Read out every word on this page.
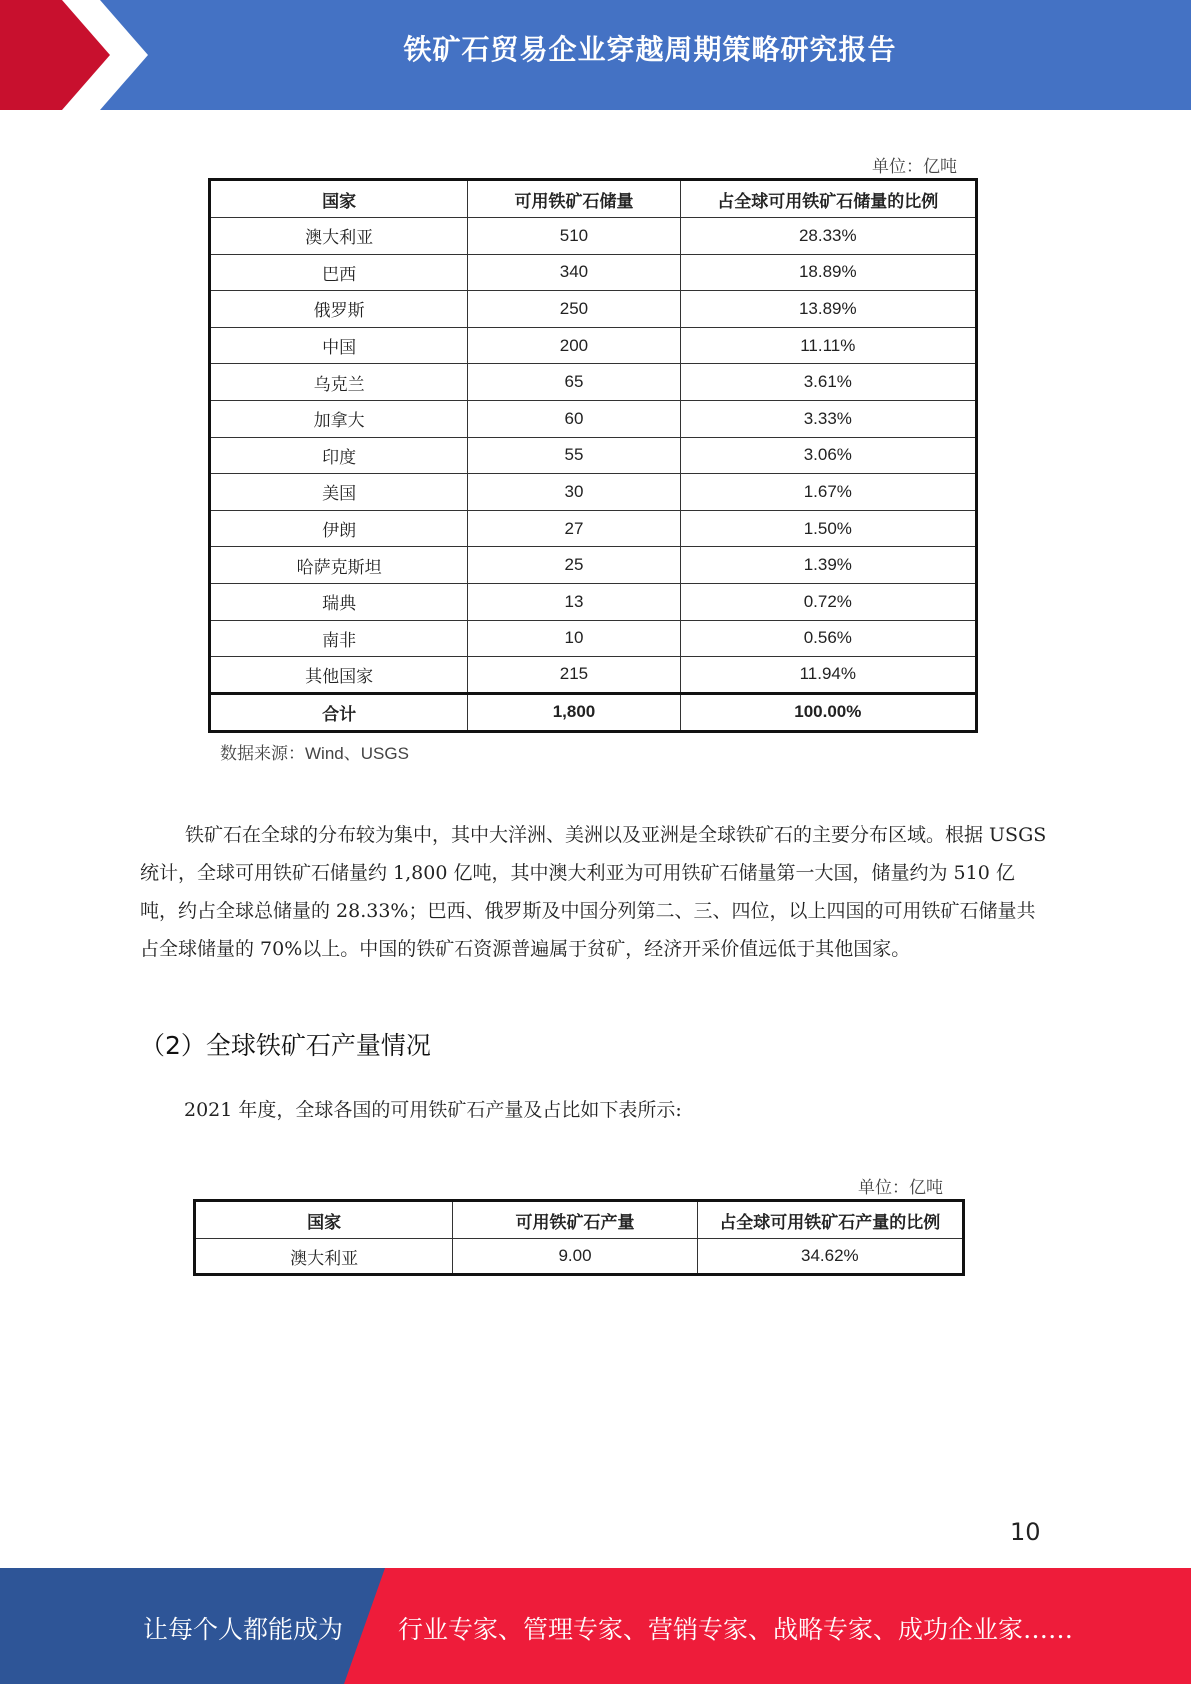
铁矿石贸易企业穿越周期策略研究报告
单位：亿吨
国家	可用铁矿石储量	占全球可用铁矿石储量的比例
澳大利亚	510	28.33%
巴西	340	18.89%
俄罗斯	250	13.89%
中国	200	11.11%
乌克兰	65	3.61%
加拿大	60	3.33%
印度	55	3.06%
美国	30	1.67%
伊朗	27	1.50%
哈萨克斯坦	25	1.39%
瑞典	13	0.72%
南非	10	0.56%
其他国家	215	11.94%
合计	1,800	100.00%
数据来源：Wind、USGS

铁矿石在全球的分布较为集中，其中大洋洲、美洲以及亚洲是全球铁矿石的主要分布区域。根据 USGS 统计，全球可用铁矿石储量约 1,800 亿吨，其中澳大利亚为可用铁矿石储量第一大国，储量约为 510 亿吨，约占全球总储量的 28.33%；巴西、俄罗斯及中国分列第二、三、四位，以上四国的可用铁矿石储量共占全球储量的 70%以上。中国的铁矿石资源普遍属于贫矿，经济开采价值远低于其他国家。

（2）全球铁矿石产量情况

2021 年度，全球各国的可用铁矿石产量及占比如下表所示:

单位：亿吨
国家	可用铁矿石产量	占全球可用铁矿石产量的比例
澳大利亚	9.00	34.62%
10
让每个人都能成为 行业专家、管理专家、营销专家、战略专家、成功企业家……
